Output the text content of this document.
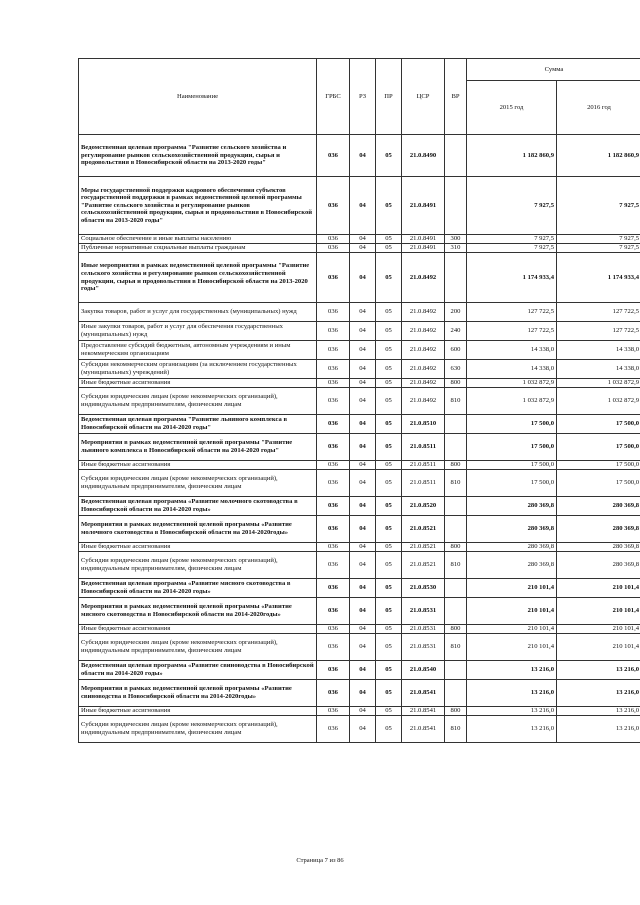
Наименование	ГРБС	РЗ	ПР	ЦСР	ВР	Сумма	
						2015 год	2016 год
Ведомственная целевая программа "Развитие сельского хозяйства и регулирование рынков сельскохозяйственной продукции, сырья и продовольствия в Новосибирской области на 2013-2020 годы"	036	04	05	21.0.8490		1 182 860,9	1 182 860,9
Меры государственной поддержки кадрового обеспечения субъектов государственной поддержки в рамках ведомственной целевой программы "Развитие сельского хозяйства и регулирование рынков сельскохозяйственной продукции, сырья и продовольствия в Новосибирской области на 2013-2020 годы"	036	04	05	21.0.8491		7 927,5	7 927,5
Социальное обеспечение и иные выплаты населению	036	04	05	21.0.8491	300	7 927,5	7 927,5
Публичные нормативные социальные выплаты гражданам	036	04	05	21.0.8491	310	7 927,5	7 927,5
Иные мероприятия в рамках ведомственной целевой программы "Развитие сельского хозяйства и регулирование рынков сельскохозяйственной продукции, сырья и продовольствия в Новосибирской области на 2013-2020 годы"	036	04	05	21.0.8492		1 174 933,4	1 174 933,4
Закупка товаров, работ и услуг для государственных (муниципальных) нужд	036	04	05	21.0.8492	200	127 722,5	127 722,5
Иные закупки товаров, работ и услуг для обеспечения государственных (муниципальных) нужд	036	04	05	21.0.8492	240	127 722,5	127 722,5
Предоставление субсидий бюджетным, автономным учреждениям и иным некоммерческим организациям	036	04	05	21.0.8492	600	14 338,0	14 338,0
Субсидии некоммерческим организациям (за исключением государственных (муниципальных) учреждений)	036	04	05	21.0.8492	630	14 338,0	14 338,0
Иные бюджетные ассигнования	036	04	05	21.0.8492	800	1 032 872,9	1 032 872,9
Субсидии юридическим лицам (кроме некоммерческих организаций), индивидуальным предпринимателям, физическим лицам	036	04	05	21.0.8492	810	1 032 872,9	1 032 872,9
Ведомственная целевая программа "Развитие льняного комплекса в Новосибирской области на 2014-2020 годы"	036	04	05	21.0.8510		17 500,0	17 500,0
Мероприятия в рамках ведомственной целевой программы "Развитие льняного комплекса в Новосибирской области на 2014-2020 годы"	036	04	05	21.0.8511		17 500,0	17 500,0
Иные бюджетные ассигнования	036	04	05	21.0.8511	800	17 500,0	17 500,0
Субсидии юридическим лицам (кроме некоммерческих организаций), индивидуальным предпринимателям, физическим лицам	036	04	05	21.0.8511	810	17 500,0	17 500,0
Ведомственная целевая программа «Развитие молочного скотоводства в Новосибирской области на 2014-2020 годы»	036	04	05	21.0.8520		280 369,8	280 369,8
Мероприятия в рамках ведомственной целевой программы «Развитие молочного скотоводства в Новосибирской области на 2014-2020годы»	036	04	05	21.0.8521		280 369,8	280 369,8
Иные бюджетные ассигнования	036	04	05	21.0.8521	800	280 369,8	280 369,8
Субсидии юридическим лицам (кроме некоммерческих организаций), индивидуальным предпринимателям, физическим лицам	036	04	05	21.0.8521	810	280 369,8	280 369,8
Ведомственная целевая программа «Развитие мясного скотоводства в Новосибирской области на 2014-2020 годы»	036	04	05	21.0.8530		210 101,4	210 101,4
Мероприятия в рамках ведомственной целевой программы «Развитие мясного скотоводства в Новосибирской области на 2014-2020годы»	036	04	05	21.0.8531		210 101,4	210 101,4
Иные бюджетные ассигнования	036	04	05	21.0.8531	800	210 101,4	210 101,4
Субсидии юридическим лицам (кроме некоммерческих организаций), индивидуальным предпринимателям, физическим лицам	036	04	05	21.0.8531	810	210 101,4	210 101,4
Ведомственная целевая программа «Развитие свиноводства в Новосибирской области на 2014-2020 годы»	036	04	05	21.0.8540		13 216,0	13 216,0
Мероприятия в рамках ведомственной целевой программы «Развитие свиноводства в Новосибирской области на 2014-2020годы»	036	04	05	21.0.8541		13 216,0	13 216,0
Иные бюджетные ассигнования	036	04	05	21.0.8541	800	13 216,0	13 216,0
Субсидии юридическим лицам (кроме некоммерческих организаций), индивидуальным предпринимателям, физическим лицам	036	04	05	21.0.8541	810	13 216,0	13 216,0
Страница 7 из 86
